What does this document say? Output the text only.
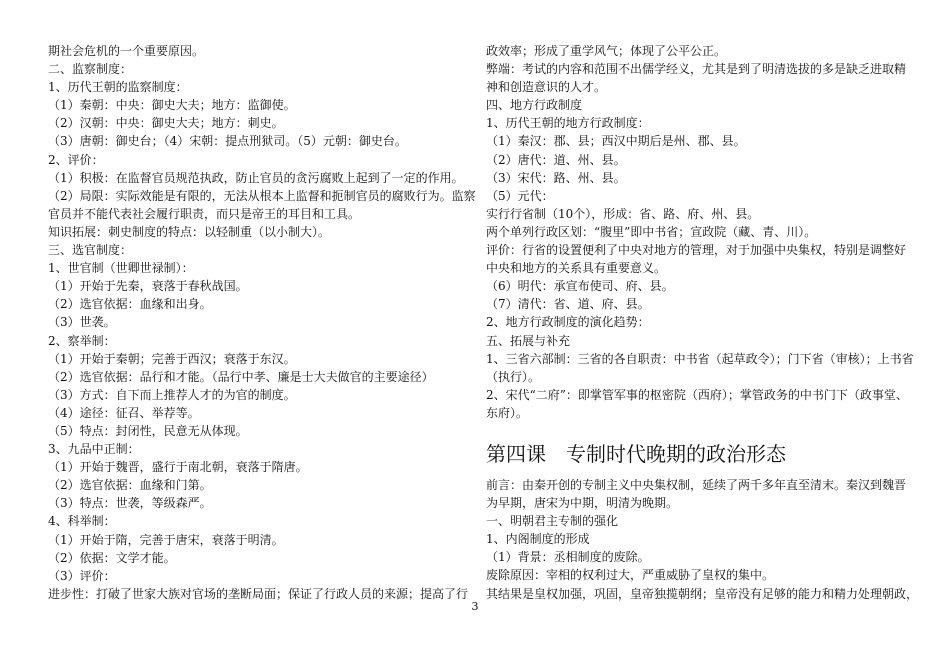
期社会危机的一个重要原因。
二、监察制度：
1、历代王朝的监察制度：
（1）秦朝：中央：御史大夫；地方：监御使。
（2）汉朝：中央：御史大夫；地方：刺史。
（3）唐朝：御史台；（4）宋朝：提点刑狱司。（5）元朝：御史台。
2、评价：
（1）积极：在监督官员规范执政，防止官员的贪污腐败上起到了一定的作用。
（2）局限：实际效能是有限的，无法从根本上监督和扼制官员的腐败行为。监察
官员并不能代表社会履行职责，而只是帝王的耳目和工具。
知识拓展：刺史制度的特点：以轻制重（以小制大）。
三、选官制度：
1、世官制（世卿世禄制）：
（1）开始于先秦，衰落于春秋战国。
（2）选官依据：血缘和出身。
（3）世袭。
2、察举制：
（1）开始于秦朝；完善于西汉；衰落于东汉。
（2）选官依据：品行和才能。（品行中孝、廉是士大夫做官的主要途径）
（3）方式：自下而上推荐人才的为官的制度。
（4）途径：征召、举荐等。
（5）特点：封闭性，民意无从体现。
3、九品中正制：
（1）开始于魏晋，盛行于南北朝，衰落于隋唐。
（2）选官依据：血缘和门第。
（3）特点：世袭，等级森严。
4、科举制：
（1）开始于隋，完善于唐宋，衰落于明清。
（2）依据：文学才能。
（3）评价：
进步性：打破了世家大族对官场的垄断局面；保证了行政人员的来源；提高了行
政效率；形成了重学风气；体现了公平公正。
弊端：考试的内容和范围不出儒学经义，尤其是到了明清选拔的多是缺乏进取精
神和创造意识的人才。
四、地方行政制度
1、历代王朝的地方行政制度：
（1）秦汉：郡、县；西汉中期后是州、郡、县。
（2）唐代：道、州、县。
（3）宋代：路、州、县。
（5）元代：
实行行省制（10个），形成：省、路、府、州、县。
两个单列行政区划：“腹里”即中书省；宣政院（藏、青、川）。
评价：行省的设置便利了中央对地方的管理，对于加强中央集权，特别是调整好
中央和地方的关系具有重要意义。
（6）明代：承宣布使司、府、县。
（7）清代：省、道、府、县。
2、地方行政制度的演化趋势：
五、拓展与补充
1、三省六部制：三省的各自职责：中书省（起草政令）；门下省（审核）；上书省
（执行）。
2、宋代“二府”：即掌管军事的枢密院（西府）；掌管政务的中书门下（政事堂、
东府）。
第四课　专制时代晚期的政治形态
前言：由秦开创的专制主义中央集权制，延续了两千多年直至清末。秦汉到魏晋
为早期，唐宋为中期，明清为晚期。
一、明朝君主专制的强化
1、内阁制度的形成
（1）背景：丞相制度的废除。
废除原因：宰相的权利过大，严重威胁了皇权的集中。
其结果是皇权加强，巩固，皇帝独揽朝纲；皇帝没有足够的能力和精力处理朝政，
3
